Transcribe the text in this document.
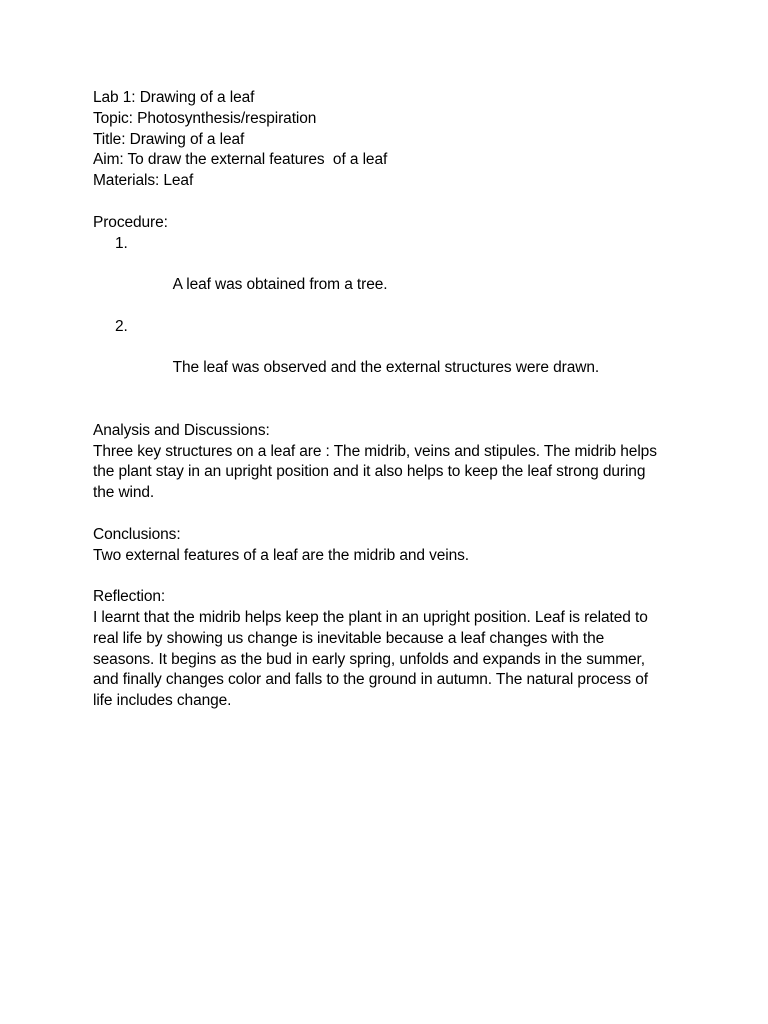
Lab 1: Drawing of a leaf
Topic: Photosynthesis/respiration
Title: Drawing of a leaf
Aim: To draw the external features  of a leaf
Materials: Leaf
Procedure:

1.

A leaf was obtained from a tree.

2.

The leaf was observed and the external structures were drawn.

Analysis and Discussions:

Three key structures on a leaf are : The midrib, veins and stipules. The midrib helps the plant stay in an upright position and it also helps to keep the leaf strong during the wind.

Conclusions:

Two external features of a leaf are the midrib and veins.

Reflection:

I learnt that the midrib helps keep the plant in an upright position. Leaf is related to real life by showing us change is inevitable because a leaf changes with the seasons. It begins as the bud in early spring, unfolds and expands in the summer, and finally changes color and falls to the ground in autumn. The natural process of life includes change.
